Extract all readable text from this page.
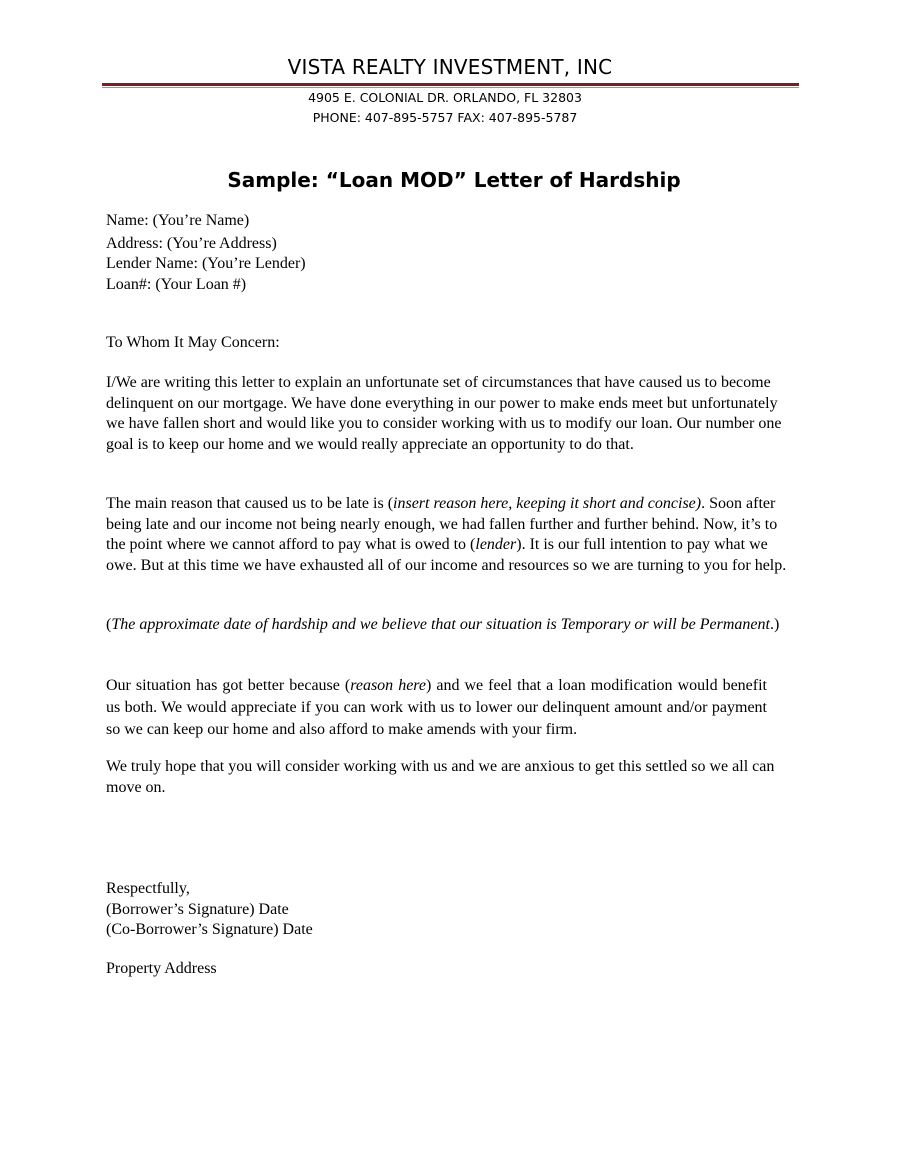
VISTA REALTY INVESTMENT, INC
4905 E. COLONIAL DR. ORLANDO, FL 32803
PHONE: 407-895-5757 FAX: 407-895-5787
Sample: “Loan MOD” Letter of Hardship

Name: (You’re Name)

Address: (You’re Address)

Lender Name: (You’re Lender)

Loan#: (Your Loan #)

To Whom It May Concern:
I/We are writing this letter to explain an unfortunate set of circumstances that have caused us to become delinquent on our mortgage. We have done everything in our power to make ends meet but unfortunately we have fallen short and would like you to consider working with us to modify our loan. Our number one goal is to keep our home and we would really appreciate an opportunity to do that.
The main reason that caused us to be late is (insert reason here, keeping it short and concise). Soon after being late and our income not being nearly enough, we had fallen further and further behind. Now, it’s to the point where we cannot afford to pay what is owed to (lender). It is our full intention to pay what we owe. But at this time we have exhausted all of our income and resources so we are turning to you for help.
(The approximate date of hardship and we believe that our situation is Temporary or will be Permanent.)
Our situation has got better because (reason here) and we feel that a loan modification would benefit us both. We would appreciate if you can work with us to lower our delinquent amount and/or payment so we can keep our home and also afford to make amends with your firm.
We truly hope that you will consider working with us and we are anxious to get this settled so we all can move on.

Respectfully,

(Borrower’s Signature) Date

(Co-Borrower’s Signature) Date

Property Address
